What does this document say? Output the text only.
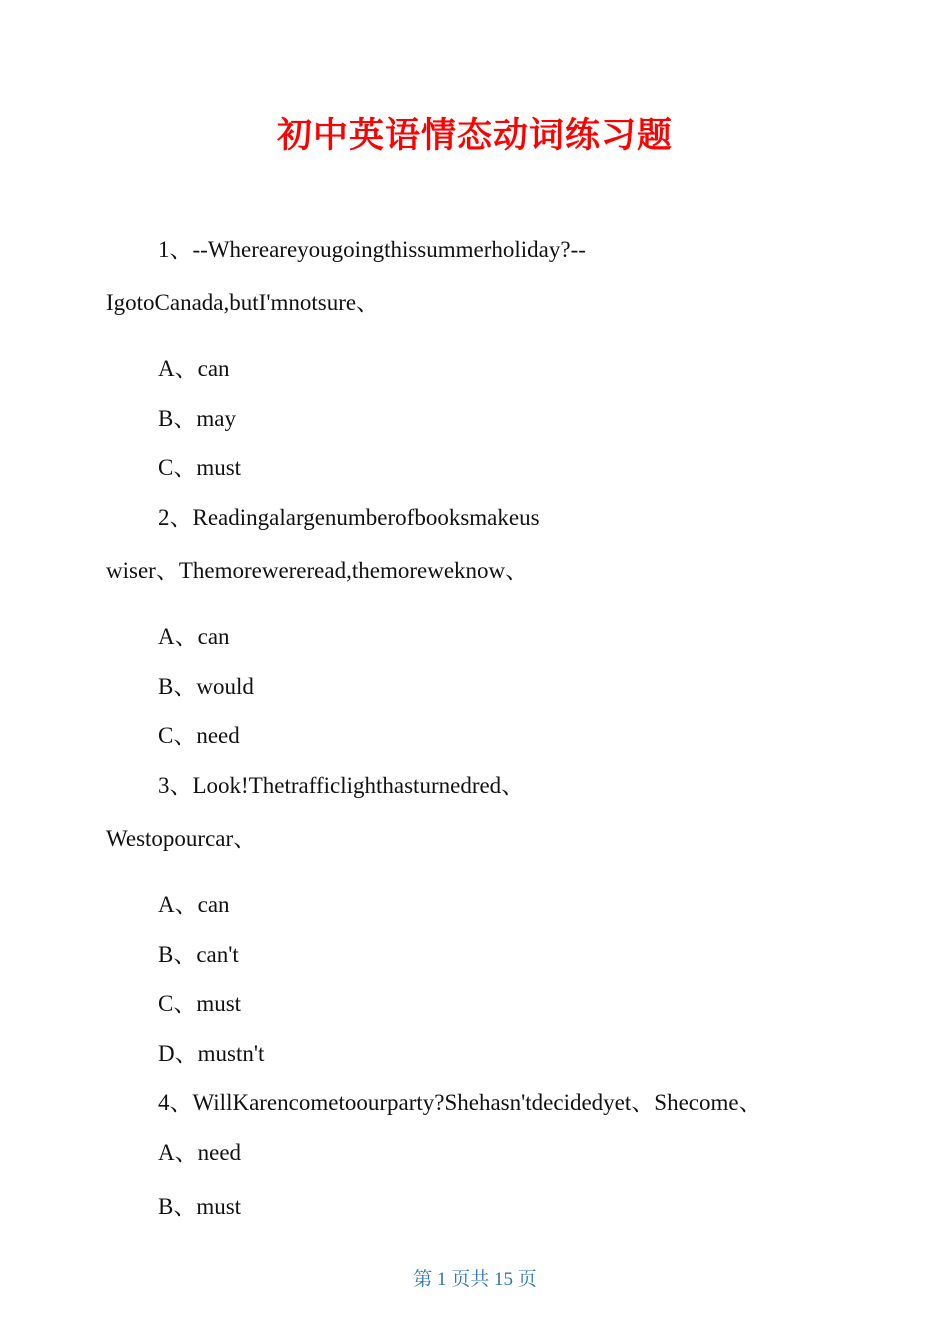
初中英语情态动词练习题
1、--Whereareyougoingthissummerholiday?--
IgotoCanada,butI'mnotsure、
A、can
B、may
C、must
2、Readingalargenumberofbooksmakeus
wiser、Themorewereread,themoreweknow、
A、can
B、would
C、need
3、Look!Thetrafficlighthasturnedred、
Westopourcar、
A、can
B、can't
C、must
D、mustn't
4、WillKarencometoourparty?Shehasn'tdecidedyet、Shecome、
A、need
B、must
第 1 页共 15 页
